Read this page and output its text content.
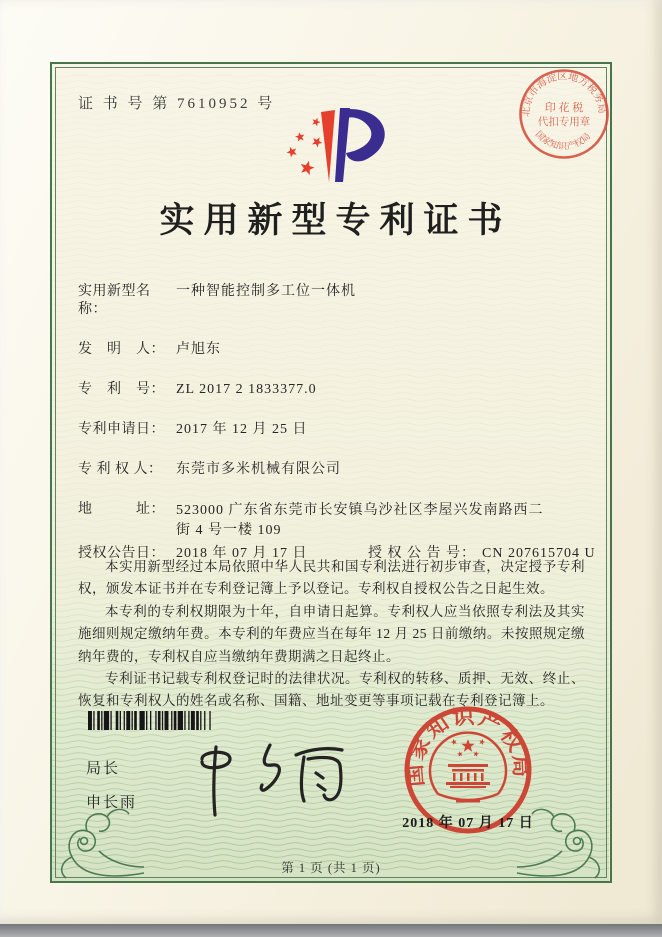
证 书 号 第 7610952 号
北京市海淀区地方税务局
国家知识产权局
印 花 税
代扣专用章
实用新型专利证书
实用新型名称：
一种智能控制多工位一体机
发　明　人： 卢旭东
专　利　号： ZL 2017 2 1833377.0
专利申请日： 2017 年 12 月 25 日
专 利 权 人： 东莞市多米机械有限公司
地　　　址： 523000 广东省东莞市长安镇乌沙社区李屋兴发南路西二
街 4 号一楼 109
授权公告日： 2018 年 07 月 17 日	授 权 公 告 号： CN 207615704 U

本实用新型经过本局依照中华人民共和国专利法进行初步审查，决定授予专利权，颁发本证书并在专利登记簿上予以登记。专利权自授权公告之日起生效。

本专利的专利权期限为十年，自申请日起算。专利权人应当依照专利法及其实施细则规定缴纳年费。本专利的年费应当在每年 12 月 25 日前缴纳。未按照规定缴纳年费的，专利权自应当缴纳年费期满之日起终止。

专利证书记载专利权登记时的法律状况。专利权的转移、质押、无效、终止、恢复和专利权人的姓名或名称、国籍、地址变更等事项记载在专利登记簿上。

局长
申长雨
国家知识产权局
2018 年 07 月 17 日
第 1 页 (共 1 页)
